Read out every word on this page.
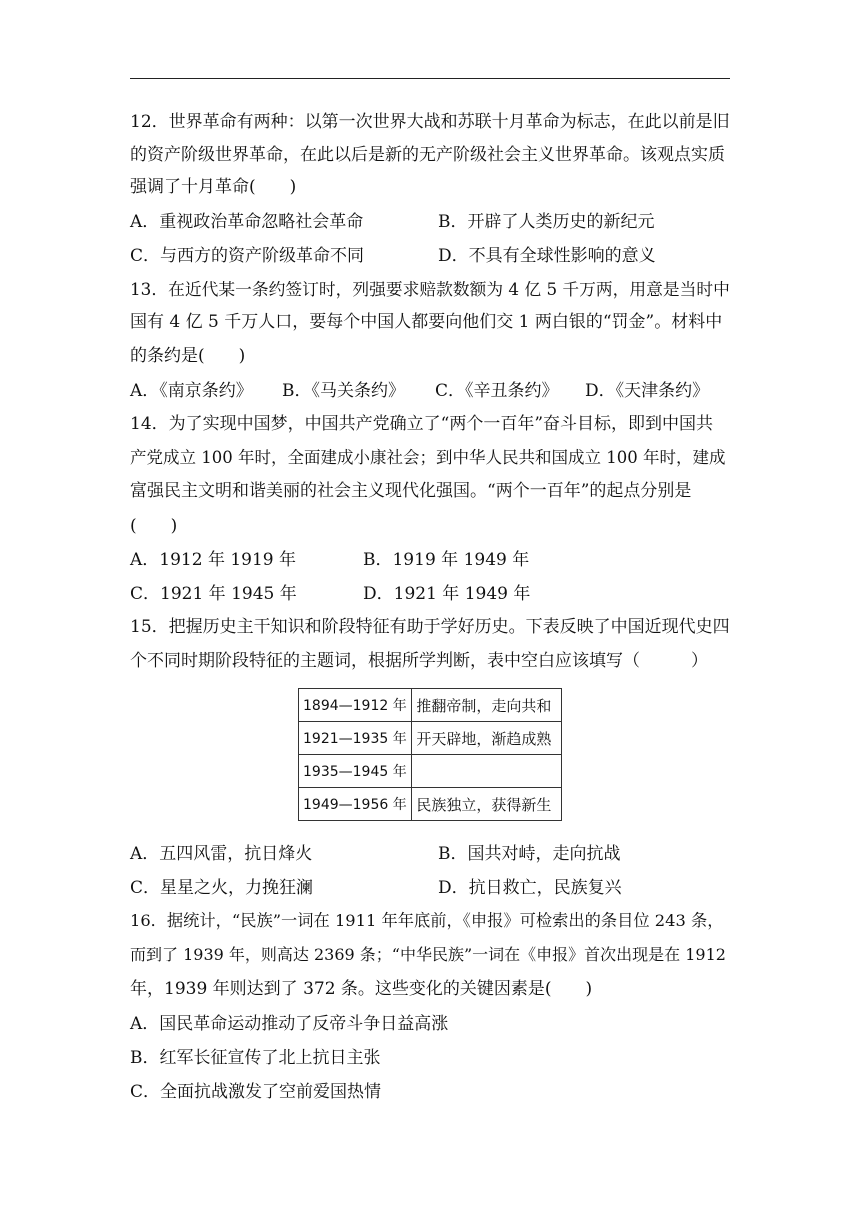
12．世界革命有两种：以第一次世界大战和苏联十月革命为标志，在此以前是旧
的资产阶级世界革命，在此以后是新的无产阶级社会主义世界革命。该观点实质
强调了十月革命(　　)
A．重视政治革命忽略社会革命	B．开辟了人类历史的新纪元
C．与西方的资产阶级革命不同	D．不具有全球性影响的意义
13．在近代某一条约签订时，列强要求赔款数额为 4 亿 5 千万两，用意是当时中
国有 4 亿 5 千万人口，要每个中国人都要向他们交 1 两白银的“罚金”。材料中
的条约是(　　)
A．《南京条约》 B．《马关条约》 C．《辛丑条约》 D．《天津条约》
14．为了实现中国梦，中国共产党确立了“两个一百年”奋斗目标，即到中国共
产党成立 100 年时，全面建成小康社会；到中华人民共和国成立 100 年时，建成
富强民主文明和谐美丽的社会主义现代化强国。“两个一百年”的起点分别是
(　　)
A．1912 年 1919 年	B．1919 年 1949 年
C．1921 年 1945 年	D．1921 年 1949 年
15．把握历史主干知识和阶段特征有助于学好历史。下表反映了中国近现代史四
个不同时期阶段特征的主题词，根据所学判断，表中空白应该填写（　　　）
1894—1912 年	推翻帝制，走向共和
1921—1935 年	开天辟地，渐趋成熟
1935—1945 年	
1949—1956 年	民族独立，获得新生
A．五四风雷，抗日烽火	B．国共对峙，走向抗战
C．星星之火，力挽狂澜	D．抗日救亡，民族复兴
16．据统计，“民族”一词在 1911 年年底前，《申报》可检索出的条目位 243 条，
而到了 1939 年，则高达 2369 条；“中华民族”一词在《申报》首次出现是在 1912
年，1939 年则达到了 372 条。这些变化的关键因素是(　　)
A．国民革命运动推动了反帝斗争日益高涨
B．红军长征宣传了北上抗日主张
C．全面抗战激发了空前爱国热情
